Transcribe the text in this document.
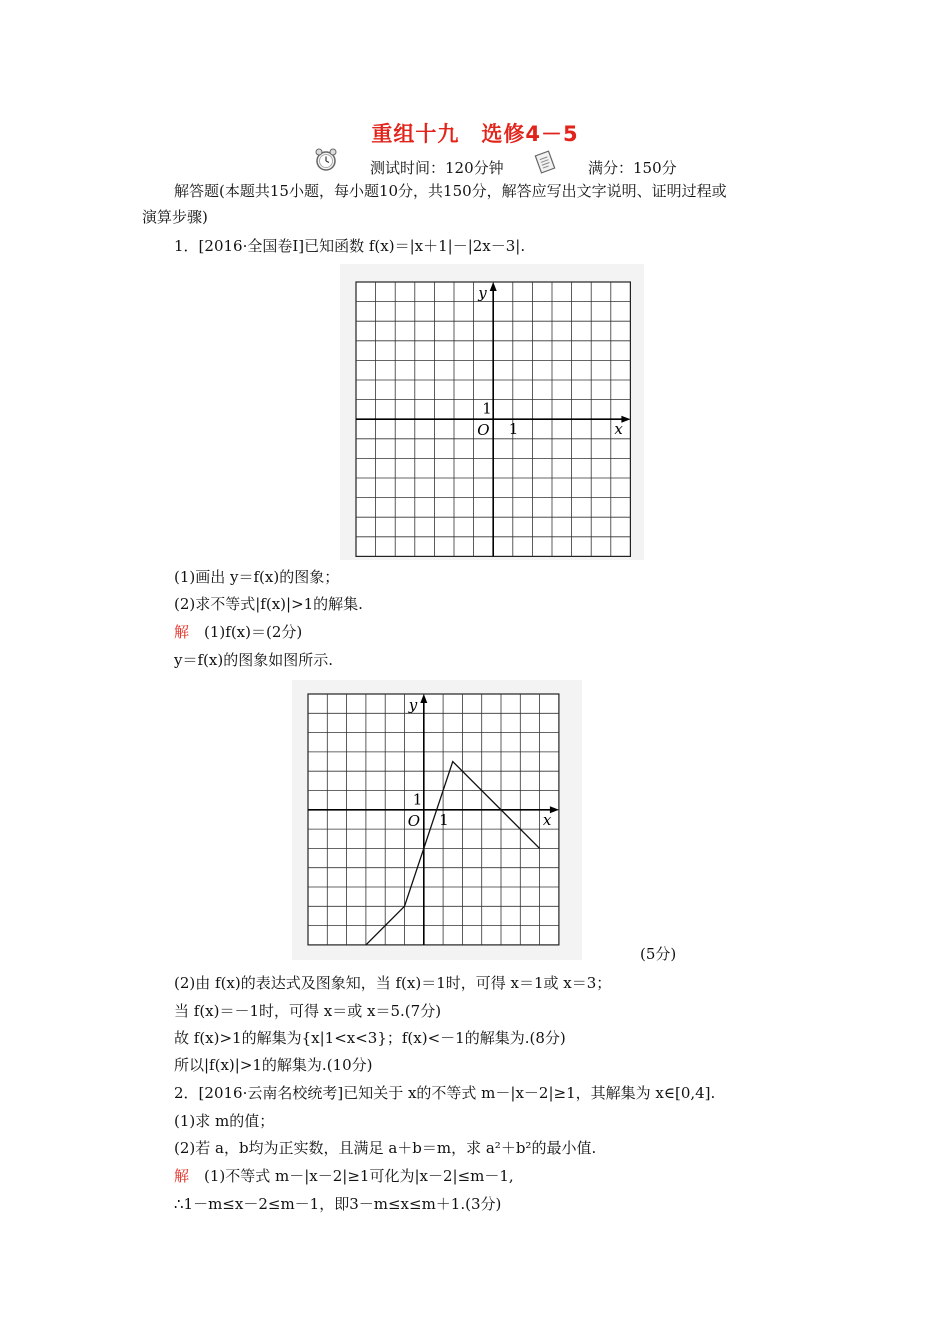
重组十九　选修4－5
测试时间：120分钟	满分：150分
解答题(本题共15小题，每小题10分，共150分，解答应写出文字说明、证明过程或
演算步骤)
1．[2016·全国卷Ⅰ]已知函数 f(x)＝|x＋1|－|2x－3|.
x
y
O 1
1
(1)画出 y＝f(x)的图象；
(2)求不等式|f(x)|>1的解集.
解　(1)f(x)＝(2分)
y＝f(x)的图象如图所示.
x
y
O 1
1
(5分)
(2)由 f(x)的表达式及图象知，当 f(x)＝1时，可得 x＝1或 x＝3；
当 f(x)＝－1时，可得 x＝或 x＝5.(7分)
故 f(x)>1的解集为{x|1<x<3}；f(x)<－1的解集为.(8分)
所以|f(x)|>1的解集为.(10分)
2．[2016·云南名校统考]已知关于 x的不等式 m－|x－2|≥1，其解集为 x∈[0,4].
(1)求 m的值；
(2)若 a，b均为正实数，且满足 a＋b＝m，求 a²＋b²的最小值.
解　(1)不等式 m－|x－2|≥1可化为|x－2|≤m－1,
∴1－m≤x－2≤m－1，即3－m≤x≤m＋1.(3分)
